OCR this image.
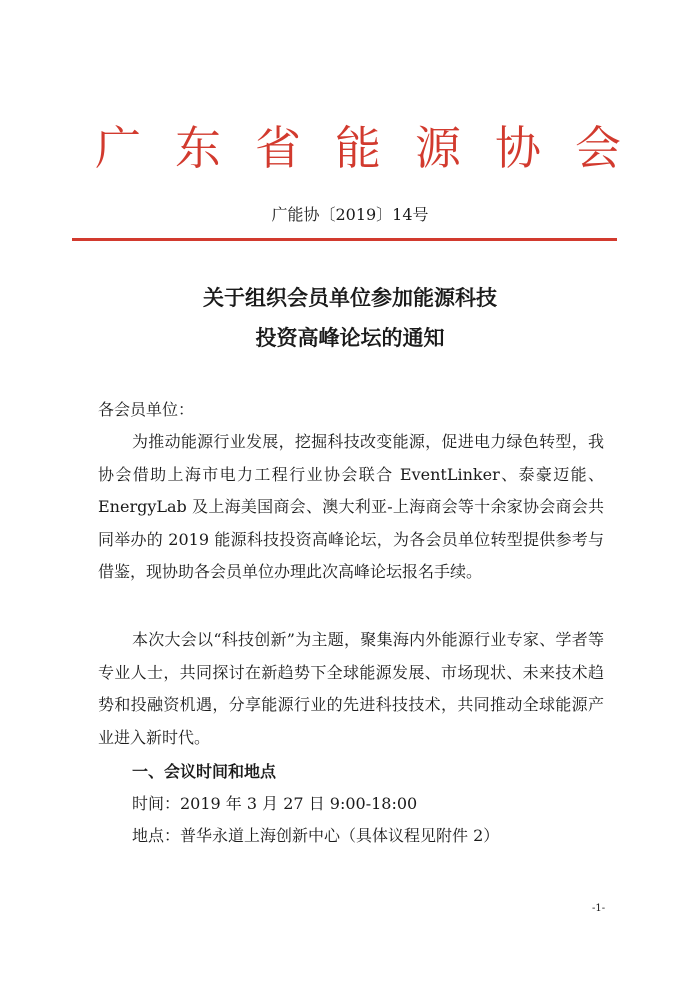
广 东 省 能 源 协 会
广能协〔2019〕14号
关于组织会员单位参加能源科技
投资高峰论坛的通知
各会员单位：
为推动能源行业发展，挖掘科技改变能源，促进电力绿色转型，我协会借助上海市电力工程行业协会联合 EventLinker、泰豪迈能、EnergyLab 及上海美国商会、澳大利亚-上海商会等十余家协会商会共同举办的 2019 能源科技投资高峰论坛，为各会员单位转型提供参考与借鉴，现协助各会员单位办理此次高峰论坛报名手续。
本次大会以“科技创新”为主题，聚集海内外能源行业专家、学者等专业人士，共同探讨在新趋势下全球能源发展、市场现状、未来技术趋势和投融资机遇，分享能源行业的先进科技技术，共同推动全球能源产业进入新时代。
一、会议时间和地点
时间：2019 年 3 月 27 日 9:00-18:00
地点：普华永道上海创新中心（具体议程见附件 2）
-1-
